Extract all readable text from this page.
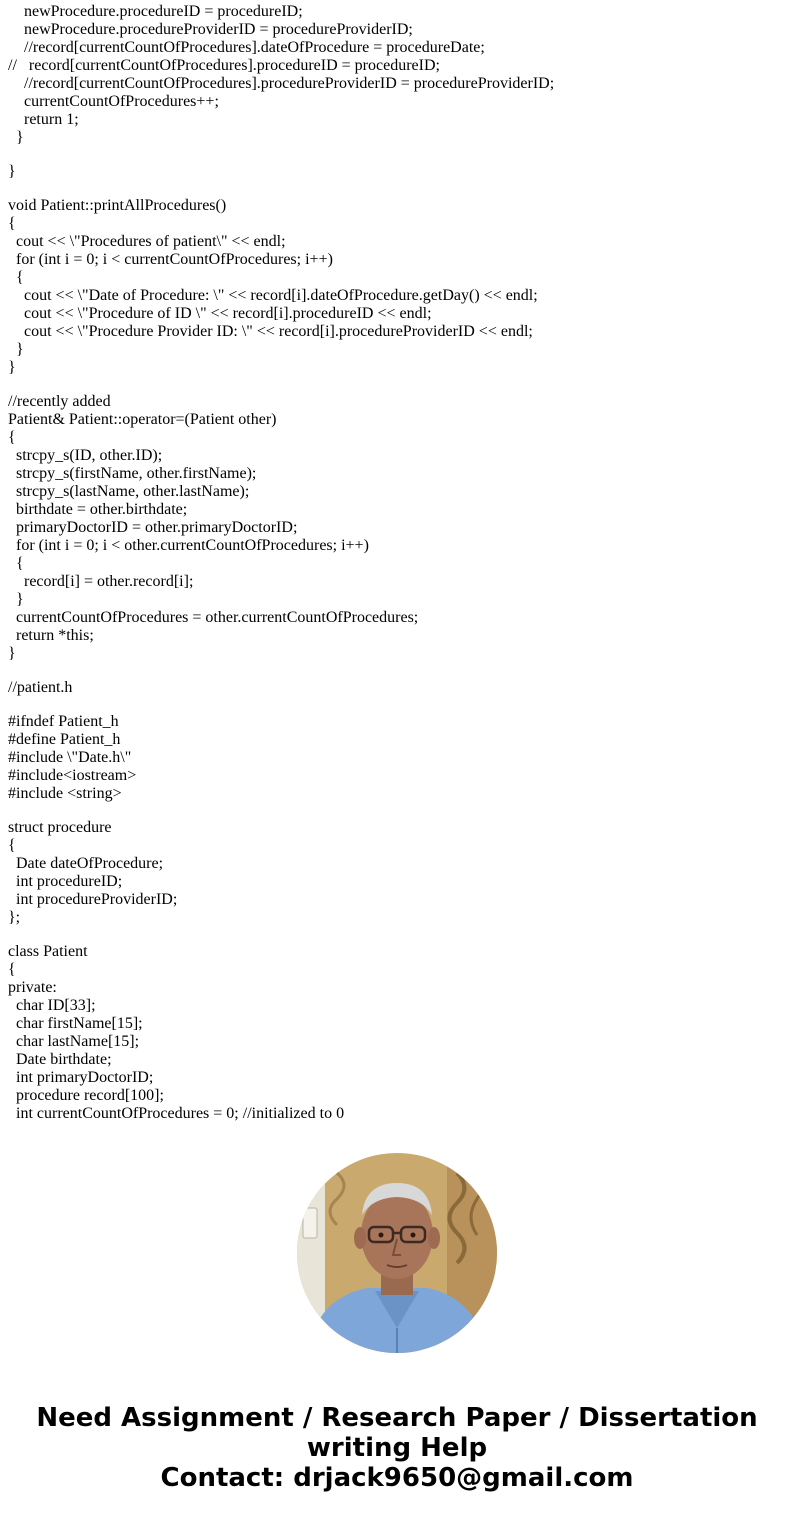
newProcedure.procedureID = procedureID;
newProcedure.procedureProviderID = procedureProviderID;
//record[currentCountOfProcedures].dateOfProcedure = procedureDate;
//   record[currentCountOfProcedures].procedureID = procedureID;
//record[currentCountOfProcedures].procedureProviderID = procedureProviderID;
currentCountOfProcedures++;
return 1;
}
}
void Patient::printAllProcedures()
{
cout << \"Procedures of patient\" << endl;
for (int i = 0; i < currentCountOfProcedures; i++)
{
cout << \"Date of Procedure: \" << record[i].dateOfProcedure.getDay() << endl;
cout << \"Procedure of ID \" << record[i].procedureID << endl;
cout << \"Procedure Provider ID: \" << record[i].procedureProviderID << endl;
}
}
//recently added
Patient& Patient::operator=(Patient other)
{
strcpy_s(ID, other.ID);
strcpy_s(firstName, other.firstName);
strcpy_s(lastName, other.lastName);
birthdate = other.birthdate;
primaryDoctorID = other.primaryDoctorID;
for (int i = 0; i < other.currentCountOfProcedures; i++)
{
record[i] = other.record[i];
}
currentCountOfProcedures = other.currentCountOfProcedures;
return *this;
}
//patient.h
#ifndef Patient_h
#define Patient_h
#include \"Date.h\"
#include<iostream>
#include <string>
struct procedure
{
Date dateOfProcedure;
int procedureID;
int procedureProviderID;
};
class Patient
{
private:
char ID[33];
char firstName[15];
char lastName[15];
Date birthdate;
int primaryDoctorID;
procedure record[100];
int currentCountOfProcedures = 0; //initialized to 0
Need Assignment / Research Paper / Dissertation
writing Help
Contact: drjack9650@gmail.com
